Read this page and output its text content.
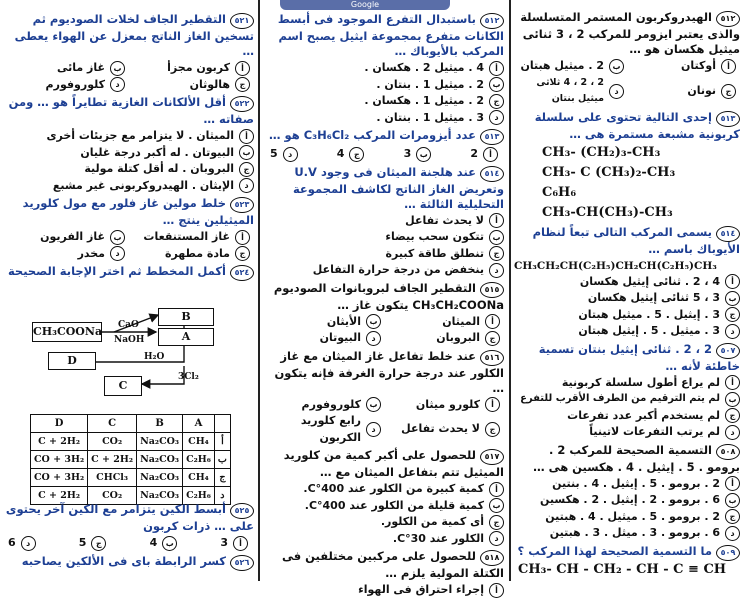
Google
٥١٢الهيدروكربون المستمر المتسلسلة والذى يعتبر ايزومر للمركب 2 ، 3 ثنائى ميثيل هكسان هو …
أ
أوكتان
ب
2 . ميثيل هبتان
ج
نونان
د
2 ، 2 ، 4 ثلاثى ميثيل بنتان
٥١٣إحدى التالية تحتوى على سلسلة كربونية مشبعة مستمرة هى …
CH₃- (CH₂)₃-CH₃
CH₃- C (CH₃)₂-CH₃
C₆H₆
CH₃-CH(CH₃)-CH₃
٥١٤يسمى المركب التالى تبعاً لنظام الأيوباك باسم …
CH₃CH₂CH(C₂H₅)CH₂CH(C₂H₅)CH₃
أ
4 ، 2 . ثنائى إيثيل هكسان
ب
3 ، 5 ثنائى إيثيل هكسان
ج
3 . إيثيل . 5 . ميثيل هبتان
د
3 . ميثيل . 5 . إيثيل هبتان
٥٠٧2 ، 2 . ثنائى إيثيل بنتان تسمية خاطئة لأنه …
أ
لم يراع أطول سلسلة كربونية
ب
لم يتم الترقيم من الطرف الأقرب للتفرع
ج
لم يستخدم أكبر عدد تفرعات
د
لم يرتب التفرعات لاتينياً
٥٠٨التسمية الصحيحة للمركب 2 . برومو . 5 . إيثيل . 4 . هكسين هى …
أ
2 . برومو . 5 . إيثيل . 4 . بنتين
ب
6 . برومو . 2 . إيثيل . 2 . هكسين
ج
2 . برومو . 5 . ميثيل . 4 . هبتين
د
6 . برومو . 3 . ميثل . 3 . هبتين
٥٠٩ما التسمية الصحيحة لهذا المركب ؟
CH₃- CH - CH₂ - CH - C ≡ CH
٥١٢باستبدال التفرع الموجود فى أبسط الكانات متفرع بمجموعة ايثيل يصبح اسم المركب بالأيوباك …
أ
4 . ميثيل 2 . هكسان .
ب
2 . ميثيل 1 . بنتان .
ج
2 . ميثيل 1 . هكسان .
د
3 . ميثيل 1 . بنتان .
٥١٣عدد أيزومرات المركب C₃H₆Cl₂ هو …
أ
2
ب
3
ج
4
د
5
٥١٤عند هلجنة الميثان فى وجود U.V وتعريض الغاز الناتج لكاشف المجموعة التحليلية الثالثة …
أ
لا يحدث تفاعل
ب
تتكون سحب بيضاء
ج
تنطلق طاقة كبيرة
د
ينخفض من درجة حرارة التفاعل
٥١٥التقطير الجاف لبروبانوات الصوديوم CH₃CH₂COONa يتكون غاز …
أ
الميثان
ب
الأيثان
ج
البروبان
د
البيوتان
٥١٦عند خلط تفاعل غاز الميثان مع غاز الكلور عند درجة حرارة الغرفة فإنه يتكون …
أ
كلورو ميثان
ب
كلوروفورم
ج
لا يحدث تفاعل
د
رابع كلوريد الكربون
٥١٧للحصول على أكبر كمية من كلوريد الميثيل تتم بتفاعل الميثان مع …
أ
كمية كبيرة من الكلور عند 400°C.
ب
كمية قليلة من الكلور عند 400°C.
ج
أى كمية من الكلور.
د
الكلور عند 30°C.
٥١٨للحصول على مركبين مختلفين فى الكتلة المولية يلزم …
أ
إجراء احتراق فى الهواء
٥٢١التقطير الجاف لخلات الصوديوم ثم تسخين الغاز الناتج بمعزل عن الهواء يعطى …
أ
كربون مجزأ
ب
غاز مائى
ج
هالوثان
د
كلوروفورم
٥٢٢أقل الألكانات الغازية تطايراً هو … ومن صفاته …
أ
الميثان . لا يتزامر مع جزيئات أخرى
ب
البيوتان . له أكبر درجة غليان
ج
البروبان . له أقل كتلة مولية
د
الإيثان . الهيدروكربونى غير مشبع
٥٢٣خلط مولين غاز فلور مع مول كلوريد الميثيلين ينتج …
أ
غاز المستنقعات
ب
غاز الفريون
ج
مادة مطهرة
د
مخدر
٥٢٤أكمل المخطط ثم اختر الإجابة الصحيحة
CH₃COONa CaO
NaOH
B
A
D	H₂O
C
3Cl₂
D	C	B	A	
C + 2H₂	CO₂	Na₂CO₃	CH₄	أ
CO + 3H₂	C + 2H₂	Na₂CO₃	C₂H₆	ب
CO + 3H₂	CHCl₃	Na₂CO₃	CH₄	ج
C + 2H₂	CO₂	Na₂CO₃	C₂H₆	د
٥٢٥أبسط الكين يتزامر مع الكين آخر يحتوى على … ذرات كربون
أ
3
ب
4
ج
5
د
6
٥٢٦كسر الرابطة باى فى الألكين يصاحبه
